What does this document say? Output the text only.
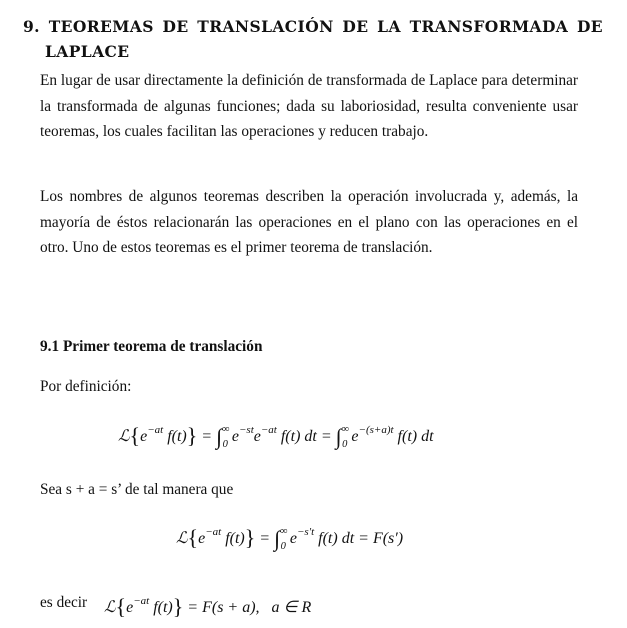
9. TEOREMAS DE TRANSLACIÓN DE LA TRANSFORMADA DE
LAPLACE
En lugar de usar directamente la definición de transformada de Laplace para determinar la transformada de algunas funciones; dada su laboriosidad, resulta conveniente usar teoremas, los cuales facilitan las operaciones y reducen trabajo.
Los nombres de algunos teoremas describen la operación involucrada y, además, la mayoría de éstos relacionarán las operaciones en el plano con las operaciones en el otro. Uno de estos teoremas es el primer teorema de translación.
9.1 Primer teorema de translación
Por definición:
$ℒ\{e^{-at}$ $f(t)\} = \int^\infty_0$ $e^{-st}e^{-at}$ f(t) dt = $\int^\infty_0$ $e^{-(s+a)t}$ f(t) dt
Sea s + a = s’ de tal manera que
$ℒ\{e^{-at}$ $f(t)\} = \int^\infty_0$ $e^{-s't}$ f(t) dt = F(s′)
es decir $ℒ\{e^{-at}$ f(t)} = F(s + a),   a ∈ R
